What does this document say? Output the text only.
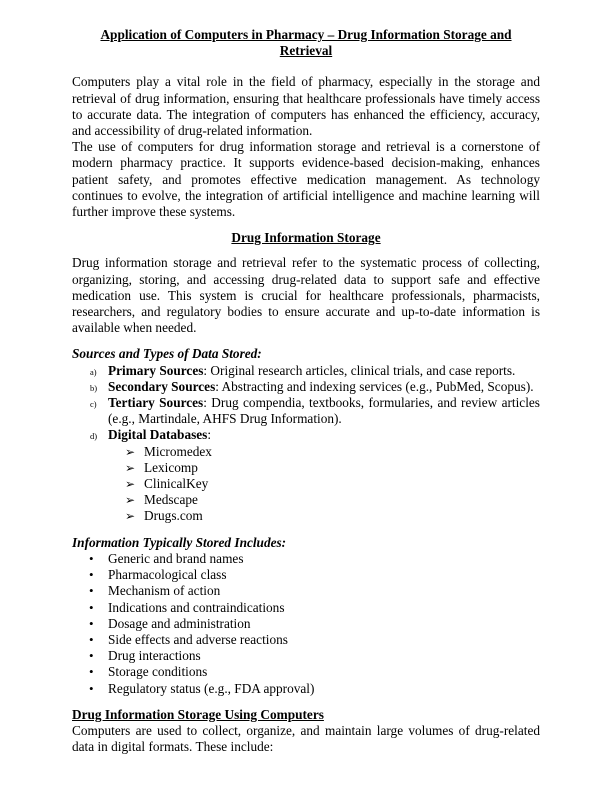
Application of Computers in Pharmacy – Drug Information Storage and Retrieval

Computers play a vital role in the field of pharmacy, especially in the storage and retrieval of drug information, ensuring that healthcare professionals have timely access to accurate data. The integration of computers has enhanced the efficiency, accuracy, and accessibility of drug-related information.

The use of computers for drug information storage and retrieval is a cornerstone of modern pharmacy practice. It supports evidence-based decision-making, enhances patient safety, and promotes effective medication management. As technology continues to evolve, the integration of artificial intelligence and machine learning will further improve these systems.

Drug Information Storage

Drug information storage and retrieval refer to the systematic process of collecting, organizing, storing, and accessing drug-related data to support safe and effective medication use. This system is crucial for healthcare professionals, pharmacists, researchers, and regulatory bodies to ensure accurate and up-to-date information is available when needed.

Sources and Types of Data Stored:
a) Primary Sources: Original research articles, clinical trials, and case reports.
b) Secondary Sources: Abstracting and indexing services (e.g., PubMed, Scopus).
c) Tertiary Sources: Drug compendia, textbooks, formularies, and review articles (e.g., Martindale, AHFS Drug Information).
d) Digital Databases:
➢ Micromedex
➢ Lexicomp
➢ ClinicalKey
➢ Medscape
➢ Drugs.com
Information Typically Stored Includes:
• Generic and brand names
• Pharmacological class
• Mechanism of action
• Indications and contraindications
• Dosage and administration
• Side effects and adverse reactions
• Drug interactions
• Storage conditions
• Regulatory status (e.g., FDA approval)
Drug Information Storage Using Computers

Computers are used to collect, organize, and maintain large volumes of drug-related data in digital formats. These include:
